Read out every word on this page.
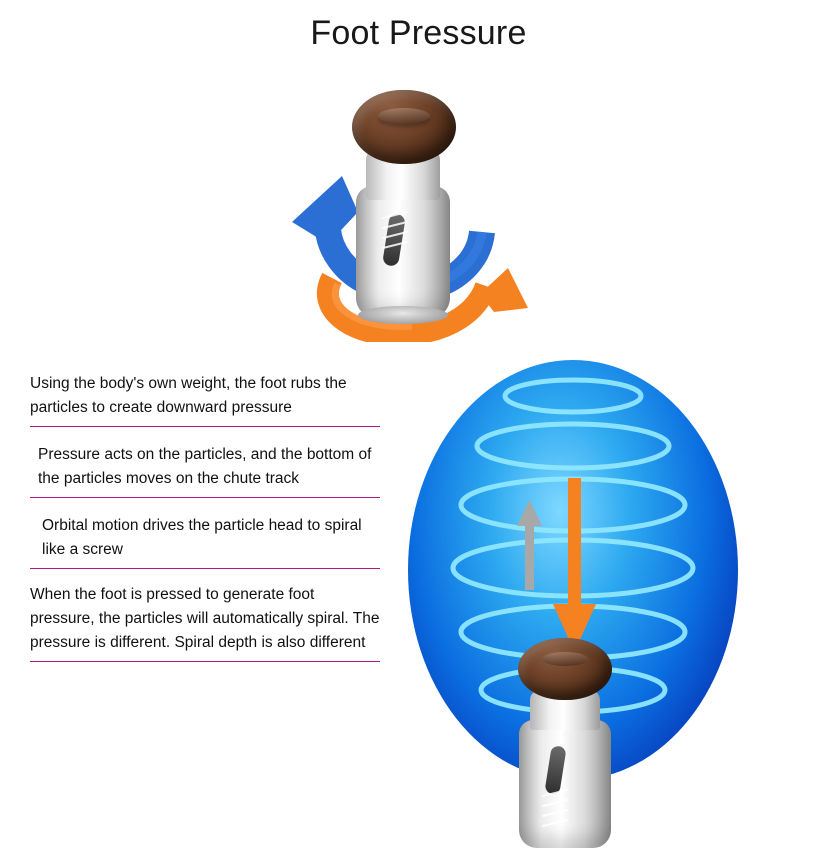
Foot Pressure

Using the body's own weight, the foot rubs the particles to create downward pressure

Pressure acts on the particles, and the bottom of the particles moves on the chute track

Orbital motion drives the particle head to spiral like a screw

When the foot is pressed to generate foot pressure, the particles will automatically spiral. The pressure is different. Spiral depth is also different
